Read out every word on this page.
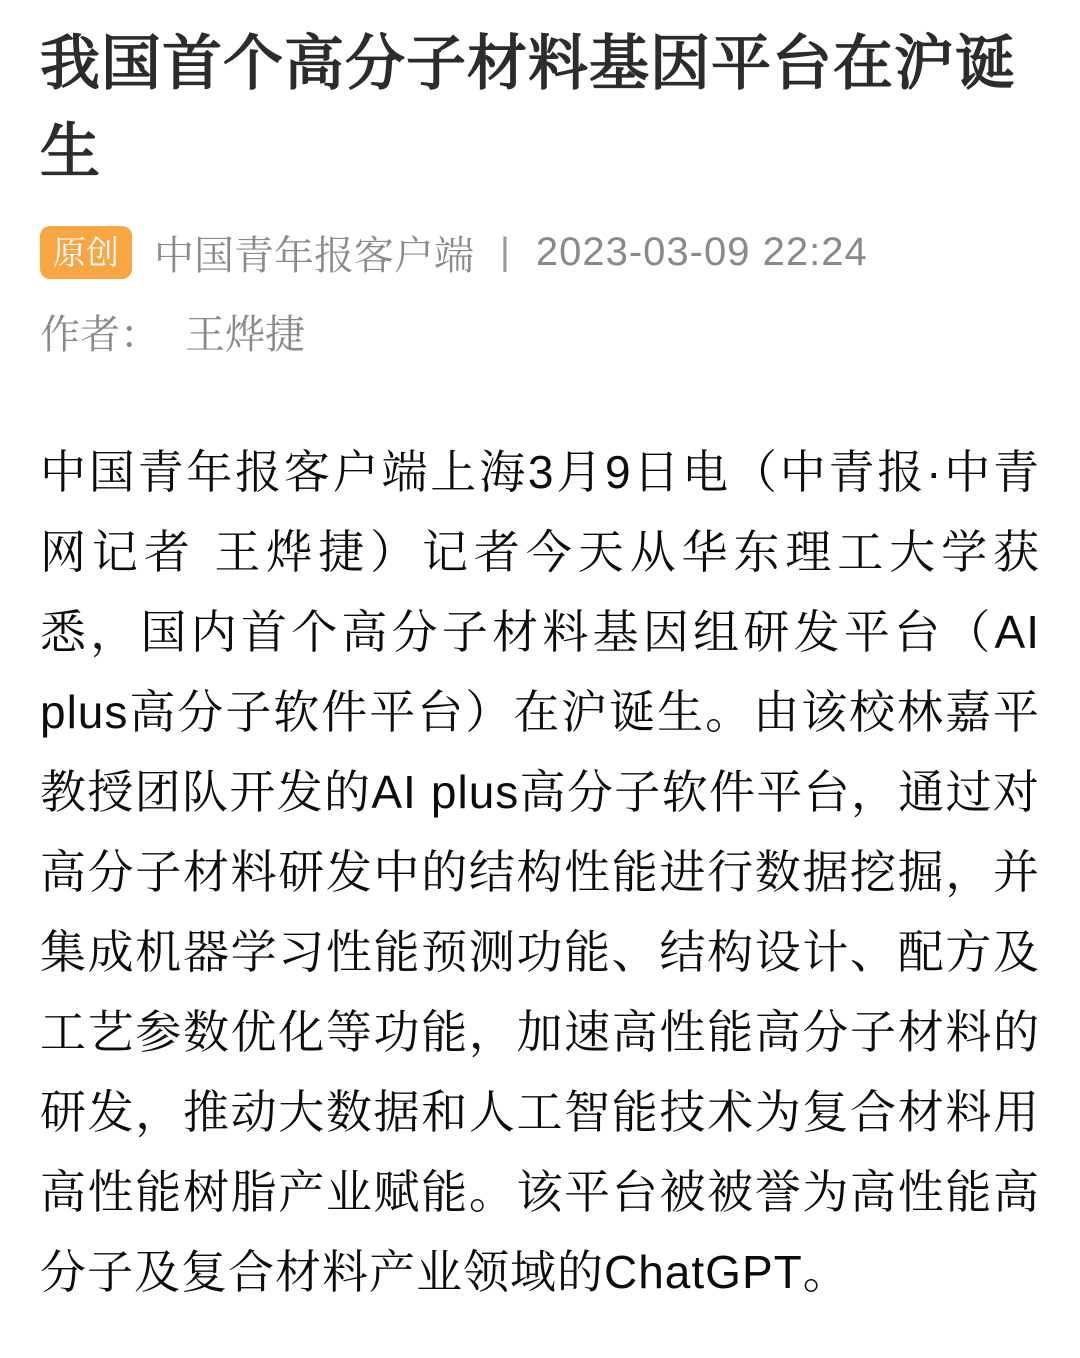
我国首个高分子材料基因平台在沪诞生
原创 中国青年报客户端 | 2023-03-09 22:24
作者： 王烨捷

中国青年报客户端上海3月9日电（中青报·中青网记者 王烨捷）记者今天从华东理工大学获悉，国内首个高分子材料基因组研发平台（AI plus高分子软件平台）在沪诞生。由该校林嘉平教授团队开发的AI plus高分子软件平台，通过对高分子材料研发中的结构性能进行数据挖掘，并集成机器学习性能预测功能、结构设计、配方及工艺参数优化等功能，加速高性能高分子材料的研发，推动大数据和人工智能技术为复合材料用高性能树脂产业赋能。该平台被被誉为高性能高分子及复合材料产业领域的ChatGPT。
